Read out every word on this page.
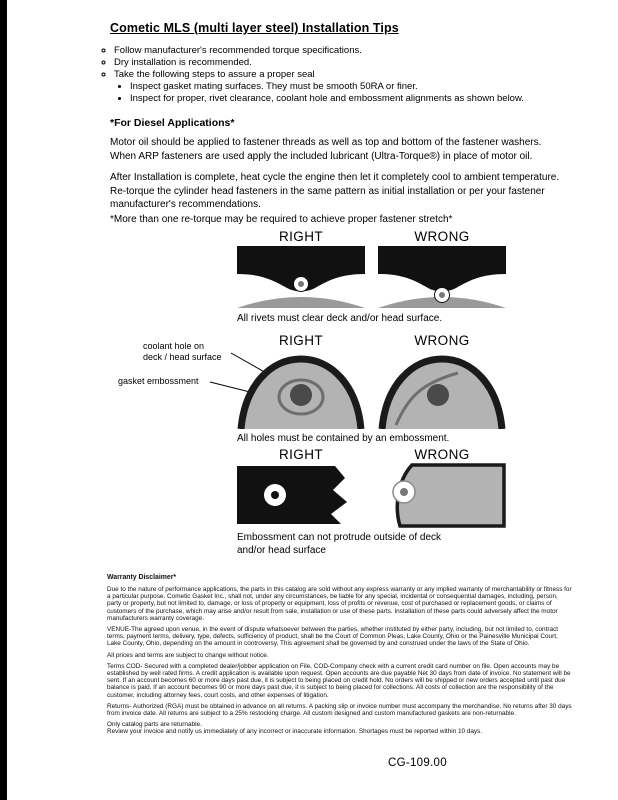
Cometic MLS (multi layer steel) Installation Tips
◦ Follow manufacturer's recommended torque specifications.
◦ Dry installation is recommended.
◦ Take the following steps to assure a proper seal
• Inspect gasket mating surfaces. They must be smooth 50RA or finer.
• Inspect for proper, rivet clearance, coolant hole and embossment alignments as shown below.
*For Diesel Applications*
Motor oil should be applied to fastener threads as well as top and bottom of the fastener washers. When ARP fasteners are used apply the included lubricant (Ultra-Torque®) in place of motor oil.
After Installation is complete, heat cycle the engine then let it completely cool to ambient temperature. Re-torque the cylinder head fasteners in the same pattern as initial installation or per your fastener manufacturer's recommendations.
*More than one re-torque may be required to achieve proper fastener stretch*
RIGHT	WRONG
All rivets must clear deck and/or head surface.
RIGHT	WRONG
coolant hole on
deck / head surface
gasket embossment
All holes must be contained by an embossment.
RIGHT	WRONG
Embossment can not protrude outside of deck
and/or head surface
Warranty Disclaimer*

Due to the nature of performance applications, the parts in this catalog are sold without any express warranty or any implied warranty of merchantability or fitness for a particular purpose. Cometic Gasket Inc., shall not, under any circumstances, be liable for any special, incidental or consequential damages, including, person, party or property, but not limited to, damage, or loss of property or equipment, loss of profits or revenue, cost of purchased or replacement goods, or claims of customers of the purchase, which may arise and/or result from sale, installation or use of these parts. Installation of these parts could adversely affect the motor manufacturers warranty coverage.

VENUE-The agreed upon venue, in the event of dispute whatsoever between the parties, whether instituted by either party, including, but not limited to, contract terms, payment terms, delivery, type, defects, sufficiency of product, shall be the Court of Common Pleas, Lake County, Ohio or the Painesville Municipal Court, Lake County, Ohio, depending on the amount in controversy. This agreement shall be governed by and construed under the laws of the State of Ohio.

All prices and terms are subject to change without notice.

Terms COD- Secured with a completed dealer/jobber application on File, COD-Company check with a current credit card number on file. Open accounts may be established by well rated firms. A credit application is available upon request. Open accounts are due payable Net 30 days from date of invoice. No statement will be sent. If an account becomes 60 or more days past due, it is subject to being placed on credit hold. No orders will be shipped or new orders accepted until past due balance is paid. If an account becomes 90 or more days past due, it is subject to being placed for collections. All costs of collection are the responsibility of the customer, including attorney fees, court costs, and other expenses of litigation.

Returns- Authorized (RGA) must be obtained in advance on all returns. A packing slip or invoice number must accompany the merchandise. No returns after 30 days from invoice date. All returns are subject to a 25% restocking charge. All custom designed and custom manufactured gaskets are non-returnable.

Only catalog parts are returnable.

Review your invoice and notify us immediately of any incorrect or inaccurate information. Shortages must be reported within 10 days.

CG-109.00
